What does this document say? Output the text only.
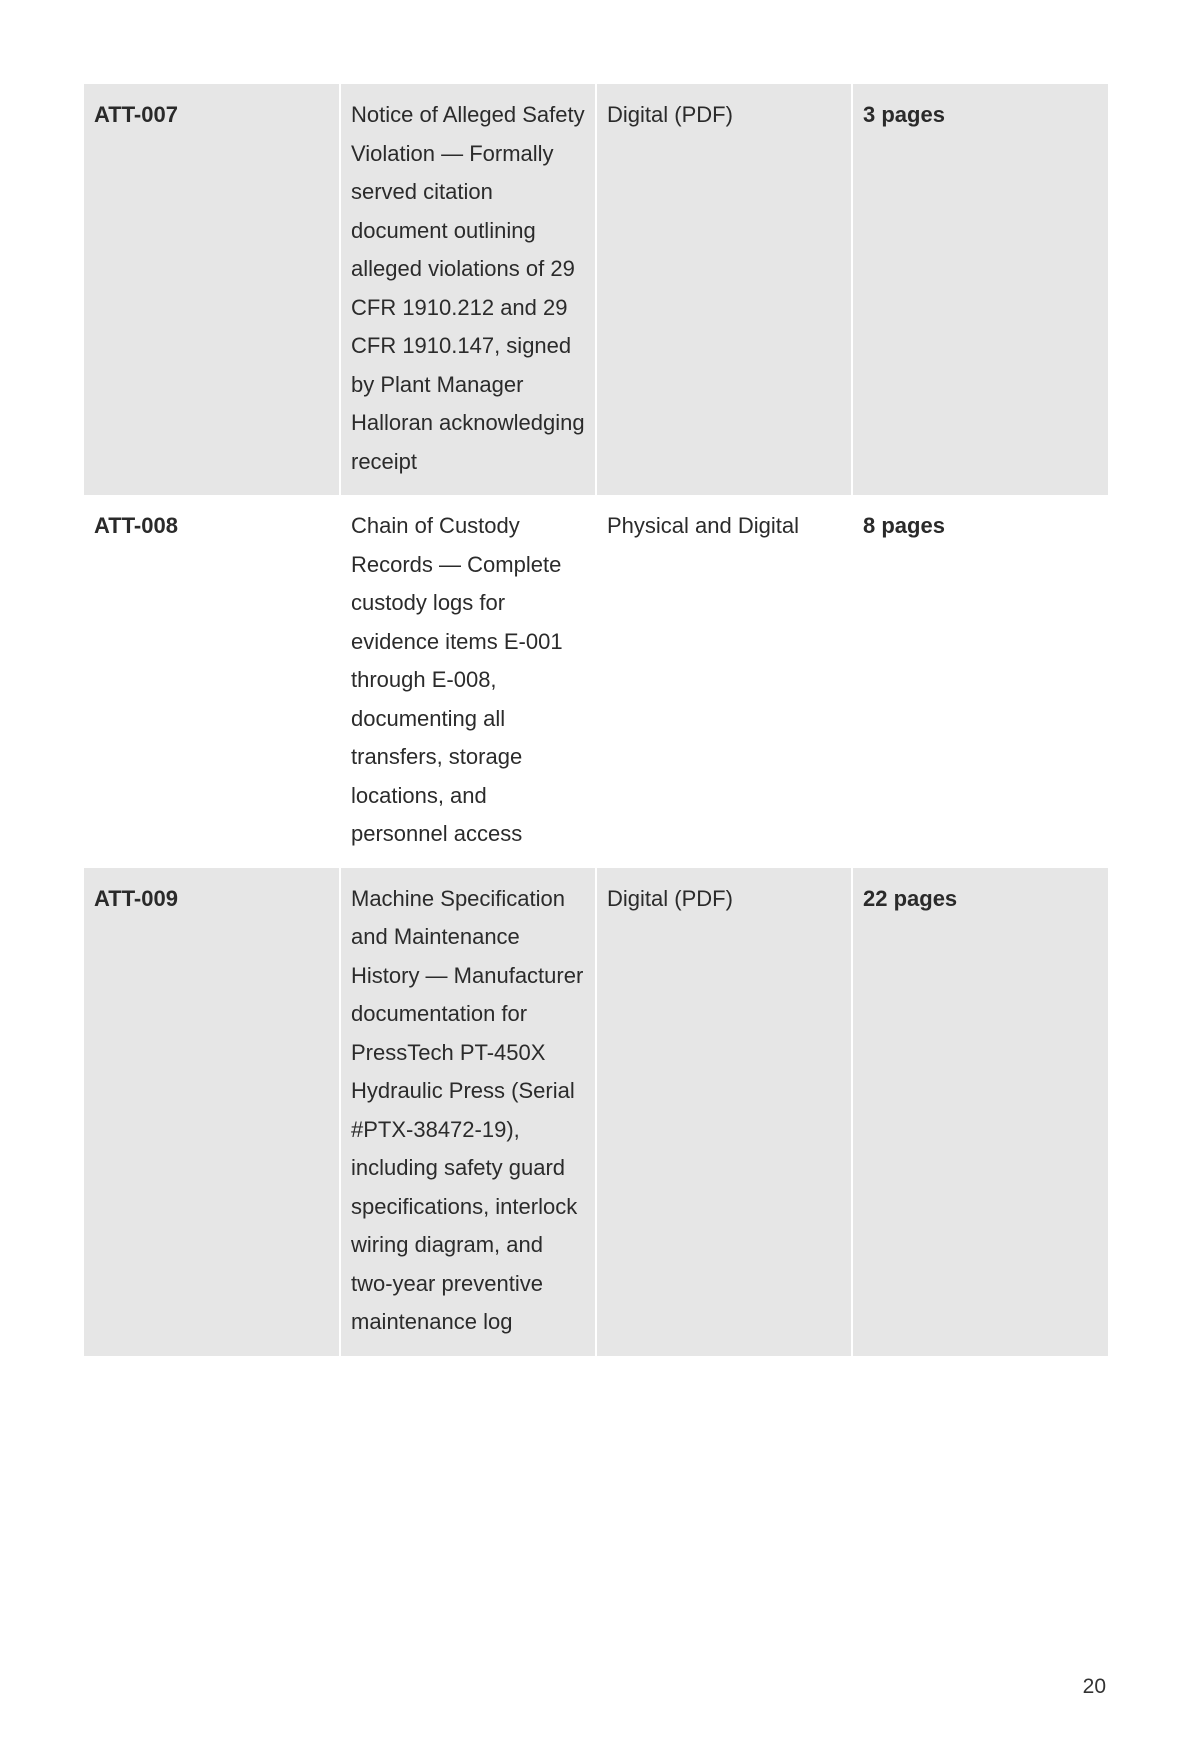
ATT-007	Notice of Alleged Safety Violation — Formally served citation document outlining alleged violations of 29 CFR 1910.212 and 29 CFR 1910.147, signed by Plant Manager Halloran acknowledging receipt	Digital (PDF)	3 pages
ATT-008	Chain of Custody Records — Complete custody logs for evidence items E-001 through E-008, documenting all transfers, storage locations, and personnel access	Physical and Digital	8 pages
ATT-009	Machine Specification and Maintenance History — Manufacturer documentation for PressTech PT-450X Hydraulic Press (Serial #PTX-38472-19), including safety guard specifications, interlock wiring diagram, and two-year preventive maintenance log	Digital (PDF)	22 pages
20
